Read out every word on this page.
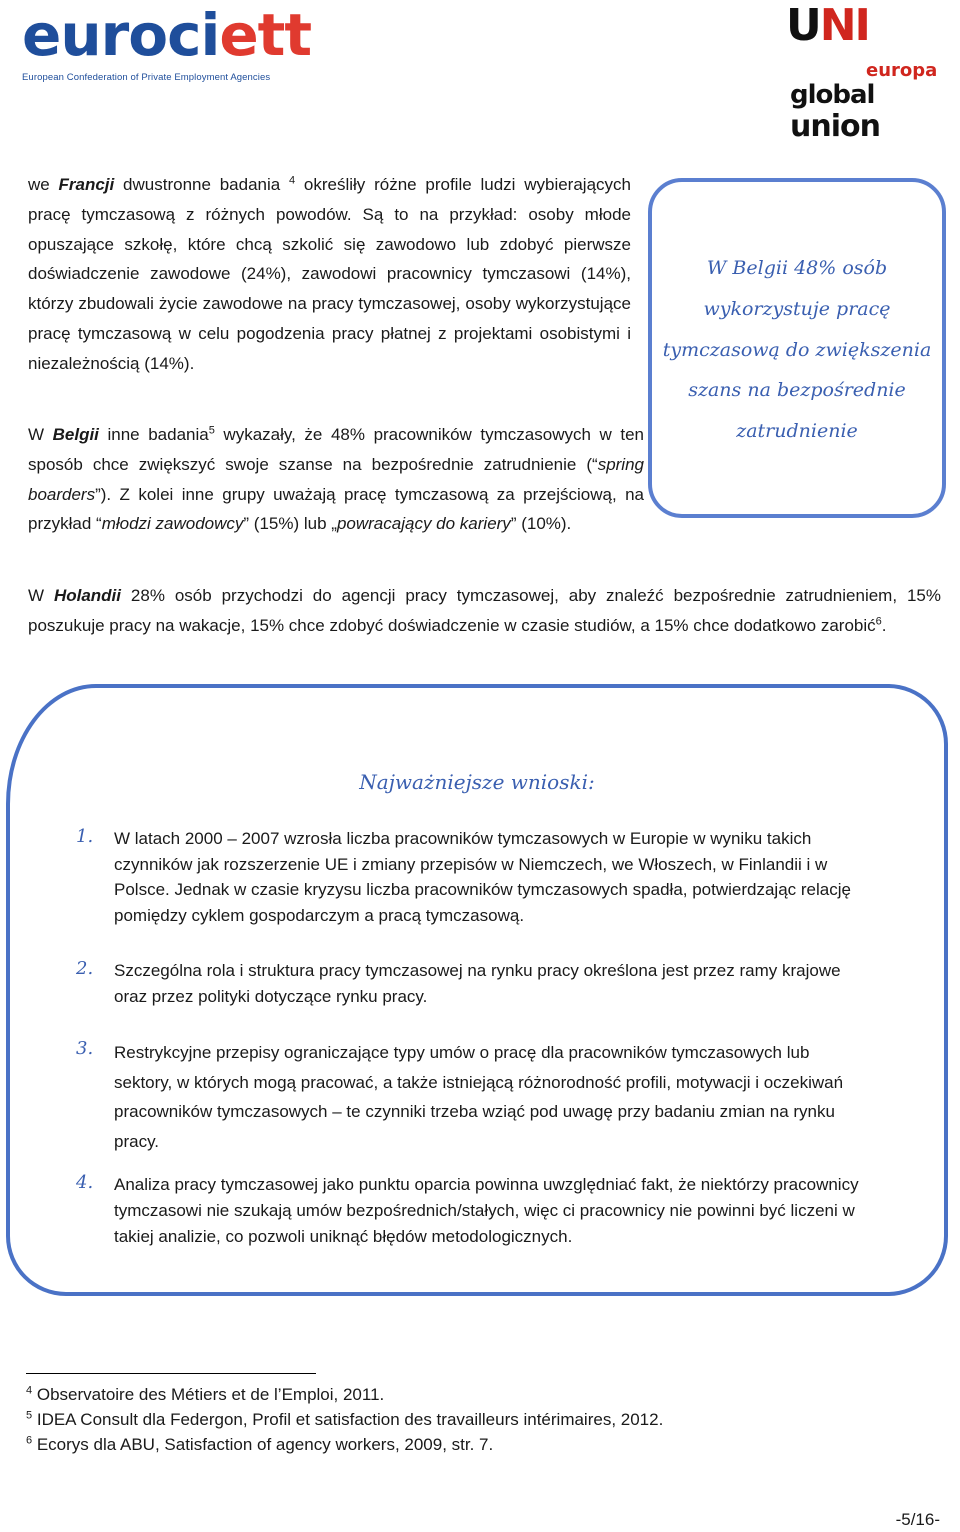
eurociett
European Confederation of Private Employment Agencies
UNI
europa
global
union
we Francji dwustronne badania $^4$ określiły różne profile ludzi wybierających pracę tymczasową z różnych powodów. Są to na przykład: osoby młode opuszające szkołę, które chcą szkolić się zawodowo lub zdobyć pierwsze doświadczenie zawodowe (24%), zawodowi pracownicy tymczasowi (14%), którzy zbudowali życie zawodowe na pracy tymczasowej, osoby wykorzystujące pracę tymczasową w celu pogodzenia pracy płatnej z projektami osobistymi i niezależnością (14%).
W Belgii inne badania$^5$ wykazały, że 48% pracowników tymczasowych w ten sposób chce zwiększyć swoje szanse na bezpośrednie zatrudnienie (“spring boarders”). Z kolei inne grupy uważają pracę tymczasową za przejściową, na przykład “młodzi zawodowcy” (15%) lub „powracający do kariery” (10%).
W Belgii 48% osób wykorzystuje pracę tymczasową do zwiększenia szans na bezpośrednie zatrudnienie
W Holandii 28% osób przychodzi do agencji pracy tymczasowej, aby znaleźć bezpośrednie zatrudnieniem, 15% poszukuje pracy na wakacje, 15% chce zdobyć doświadczenie w czasie studiów, a 15% chce dodatkowo zarobić$^6$.
Najważniejsze wnioski:
1. W latach 2000 – 2007 wzrosła liczba pracowników tymczasowych w Europie w wyniku takich czynników jak rozszerzenie UE i zmiany przepisów w Niemczech, we Włoszech, w Finlandii i w Polsce. Jednak w czasie kryzysu liczba pracowników tymczasowych spadła, potwierdzając relację pomiędzy cyklem gospodarczym a pracą tymczasową.
2. Szczególna rola i struktura pracy tymczasowej na rynku pracy określona jest przez ramy krajowe oraz przez polityki dotyczące rynku pracy.
3. Restrykcyjne przepisy ograniczające typy umów o pracę dla pracowników tymczasowych lub sektory, w których mogą pracować, a także istniejącą różnorodność profili, motywacji i oczekiwań pracowników tymczasowych – te czynniki trzeba wziąć pod uwagę przy badaniu zmian na rynku pracy.
4. Analiza pracy tymczasowej jako punktu oparcia powinna uwzględniać fakt, że niektórzy pracownicy tymczasowi nie szukają umów bezpośrednich/stałych, więc ci pracownicy nie powinni być liczeni w takiej analizie, co pozwoli uniknąć błędów metodologicznych.
$^4$ Observatoire des Métiers et de l’Emploi, 2011.
$^5$ IDEA Consult dla Federgon, Profil et satisfaction des travailleurs intérimaires, 2012.
$^6$ Ecorys dla ABU, Satisfaction of agency workers, 2009, str. 7.
-5/16-
